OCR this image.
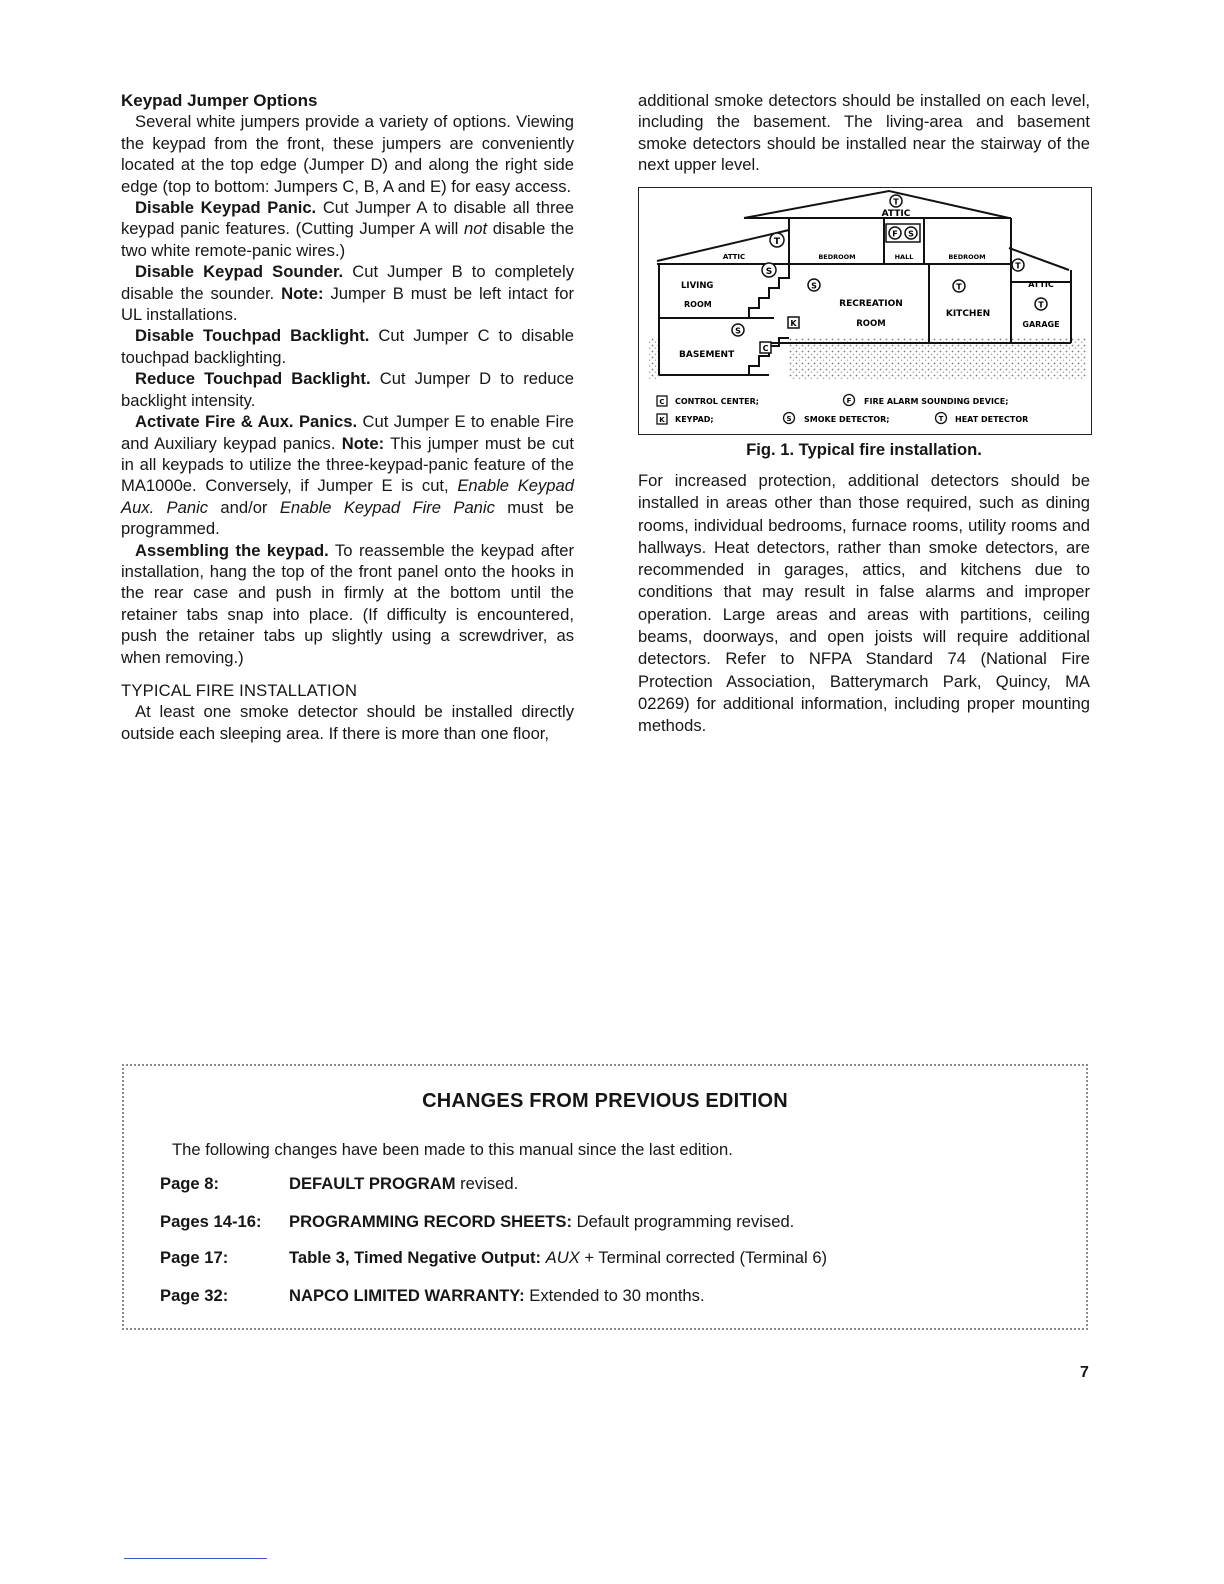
Keypad Jumper Options

Several white jumpers provide a variety of options. Viewing the keypad from the front, these jumpers are conveniently located at the top edge (Jumper D) and along the right side edge (top to bottom: Jumpers C, B, A and E) for easy access.

Disable Keypad Panic. Cut Jumper A to disable all three keypad panic features. (Cutting Jumper A will not disable the two white remote-panic wires.)

Disable Keypad Sounder. Cut Jumper B to completely disable the sounder. Note: Jumper B must be left intact for UL installations.

Disable Touchpad Backlight. Cut Jumper C to disable touchpad backlighting.

Reduce Touchpad Backlight. Cut Jumper D to reduce backlight intensity.

Activate Fire & Aux. Panics. Cut Jumper E to enable Fire and Auxiliary keypad panics. Note: This jumper must be cut in all keypads to utilize the three-keypad-panic feature of the MA1000e. Conversely, if Jumper E is cut, Enable Keypad Aux. Panic and/or Enable Keypad Fire Panic must be programmed.

Assembling the keypad. To reassemble the keypad after installation, hang the top of the front panel onto the hooks in the rear case and push in firmly at the bottom until the retainer tabs snap into place. (If difficulty is encountered, push the retainer tabs up slightly using a screwdriver, as when removing.)

TYPICAL FIRE INSTALLATION

At least one smoke detector should be installed directly outside each sleeping area. If there is more than one floor,

additional smoke detectors should be installed on each level, including the basement. The living-area and basement smoke detectors should be installed near the stairway of the next upper level.

ATTIC
ATTIC	BEDROOM	HALL	BEDROOM
ATTIC
LIVING
ROOM	RECREATION
ROOM
KITCHEN
GARAGE
BASEMENT
T
T
F S
T
S
S	T
T
S
K
C
C CONTROL CENTER;	F FIRE ALARM SOUNDING DEVICE;
K KEYPAD;	S SMOKE DETECTOR;	T HEAT DETECTOR
Fig. 1. Typical fire installation.

For increased protection, additional detectors should be installed in areas other than those required, such as dining rooms, individual bedrooms, furnace rooms, utility rooms and hallways. Heat detectors, rather than smoke detectors, are recommended in garages, attics, and kitchens due to conditions that may result in false alarms and improper operation. Large areas and areas with partitions, ceiling beams, doorways, and open joists will require additional detectors. Refer to NFPA Standard 74 (National Fire Protection Association, Batterymarch Park, Quincy, MA 02269) for additional information, including proper mounting methods.

CHANGES FROM PREVIOUS EDITION
The following changes have been made to this manual since the last edition.
Page 8:	DEFAULT PROGRAM revised.
Pages 14-16:	PROGRAMMING RECORD SHEETS: Default programming revised.
Page 17:	Table 3, Timed Negative Output: AUX + Terminal corrected (Terminal 6)
Page 32:	NAPCO LIMITED WARRANTY: Extended to 30 months.
7
